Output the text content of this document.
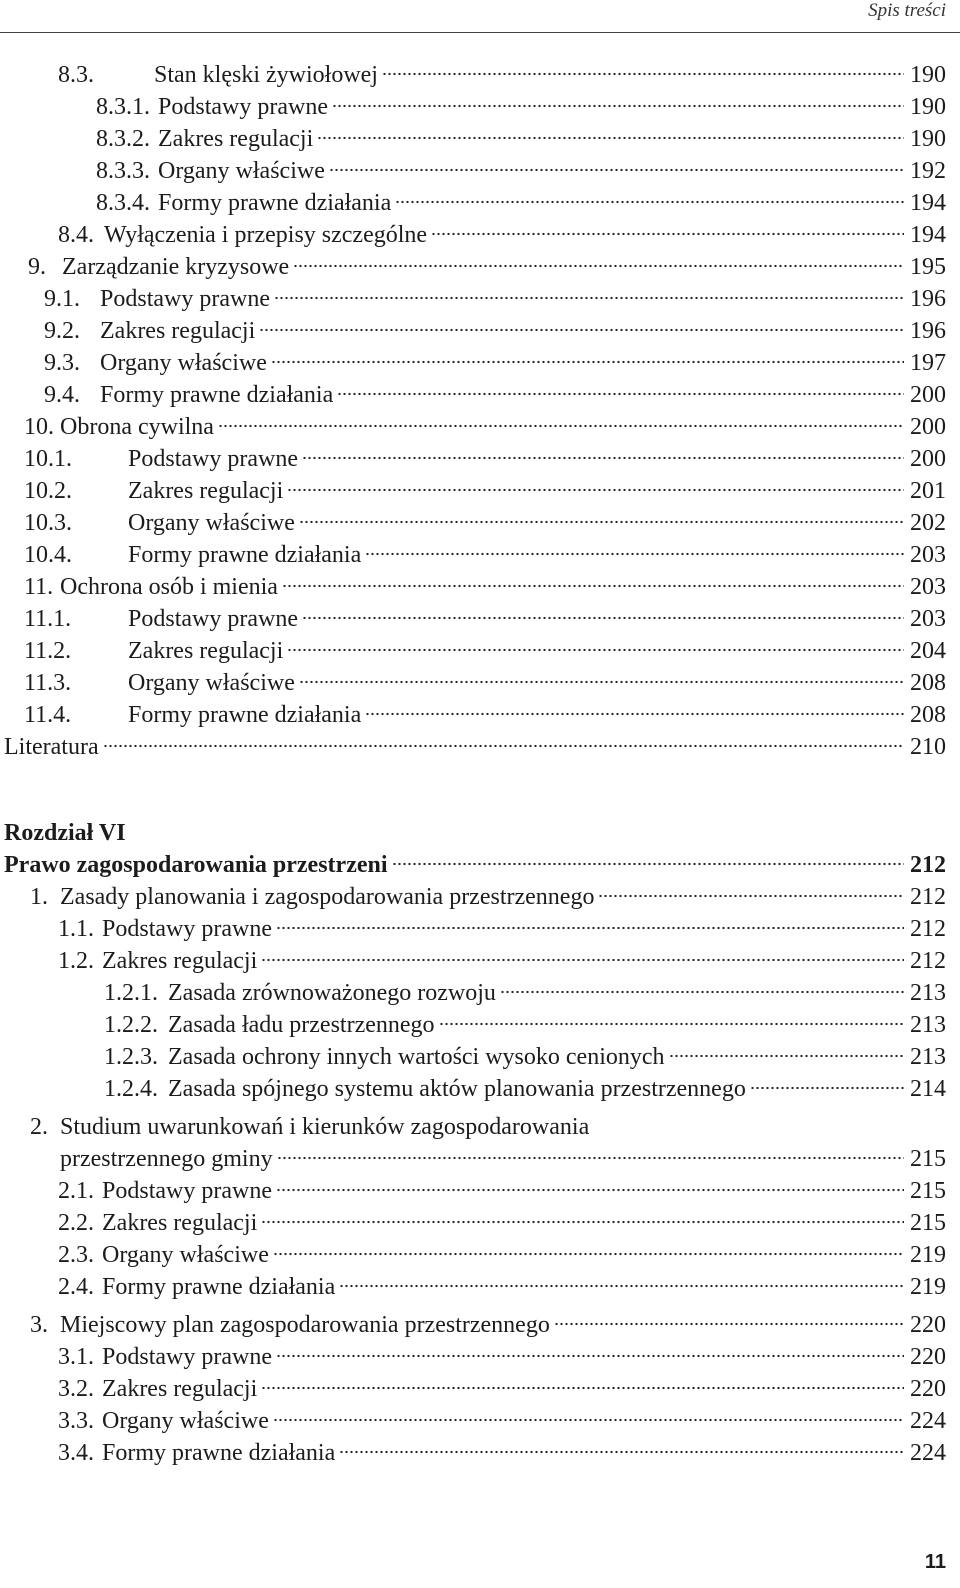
Spis treści
8.3.	Stan klęski żywiołowej	190
8.3.1. Podstawy prawne	190
8.3.2. Zakres regulacji	190
8.3.3. Organy właściwe	192
8.3.4. Formy prawne działania	194
8.4. Wyłączenia i przepisy szczególne	194
9. Zarządzanie kryzysowe	195
9.1. Podstawy prawne	196
9.2. Zakres regulacji	196
9.3. Organy właściwe	197
9.4. Formy prawne działania	200
10. Obrona cywilna	200
10.1.	Podstawy prawne	200
10.2.	Zakres regulacji	201
10.3.	Organy właściwe	202
10.4.	Formy prawne działania	203
11. Ochrona osób i mienia	203
11.1.	Podstawy prawne	203
11.2.	Zakres regulacji	204
11.3.	Organy właściwe	208
11.4.	Formy prawne działania	208
Literatura	210
Prawo zagospodarowania przestrzeni	212
1. Zasady planowania i zagospodarowania przestrzennego	212
1.1. Podstawy prawne	212
1.2. Zakres regulacji	212
1.2.1. Zasada zrównoważonego rozwoju	213
1.2.2. Zasada ładu przestrzennego	213
1.2.3. Zasada ochrony innych wartości wysoko cenionych	213
1.2.4. Zasada spójnego systemu aktów planowania przestrzennego	214
2. Studium uwarunkowań i kierunków zagospodarowania
przestrzennego gminy	215
2.1. Podstawy prawne	215
2.2. Zakres regulacji	215
2.3. Organy właściwe	219
2.4. Formy prawne działania	219
3. Miejscowy plan zagospodarowania przestrzennego	220
3.1. Podstawy prawne	220
3.2. Zakres regulacji	220
3.3. Organy właściwe	224
3.4. Formy prawne działania	224
Rozdział VI
11
